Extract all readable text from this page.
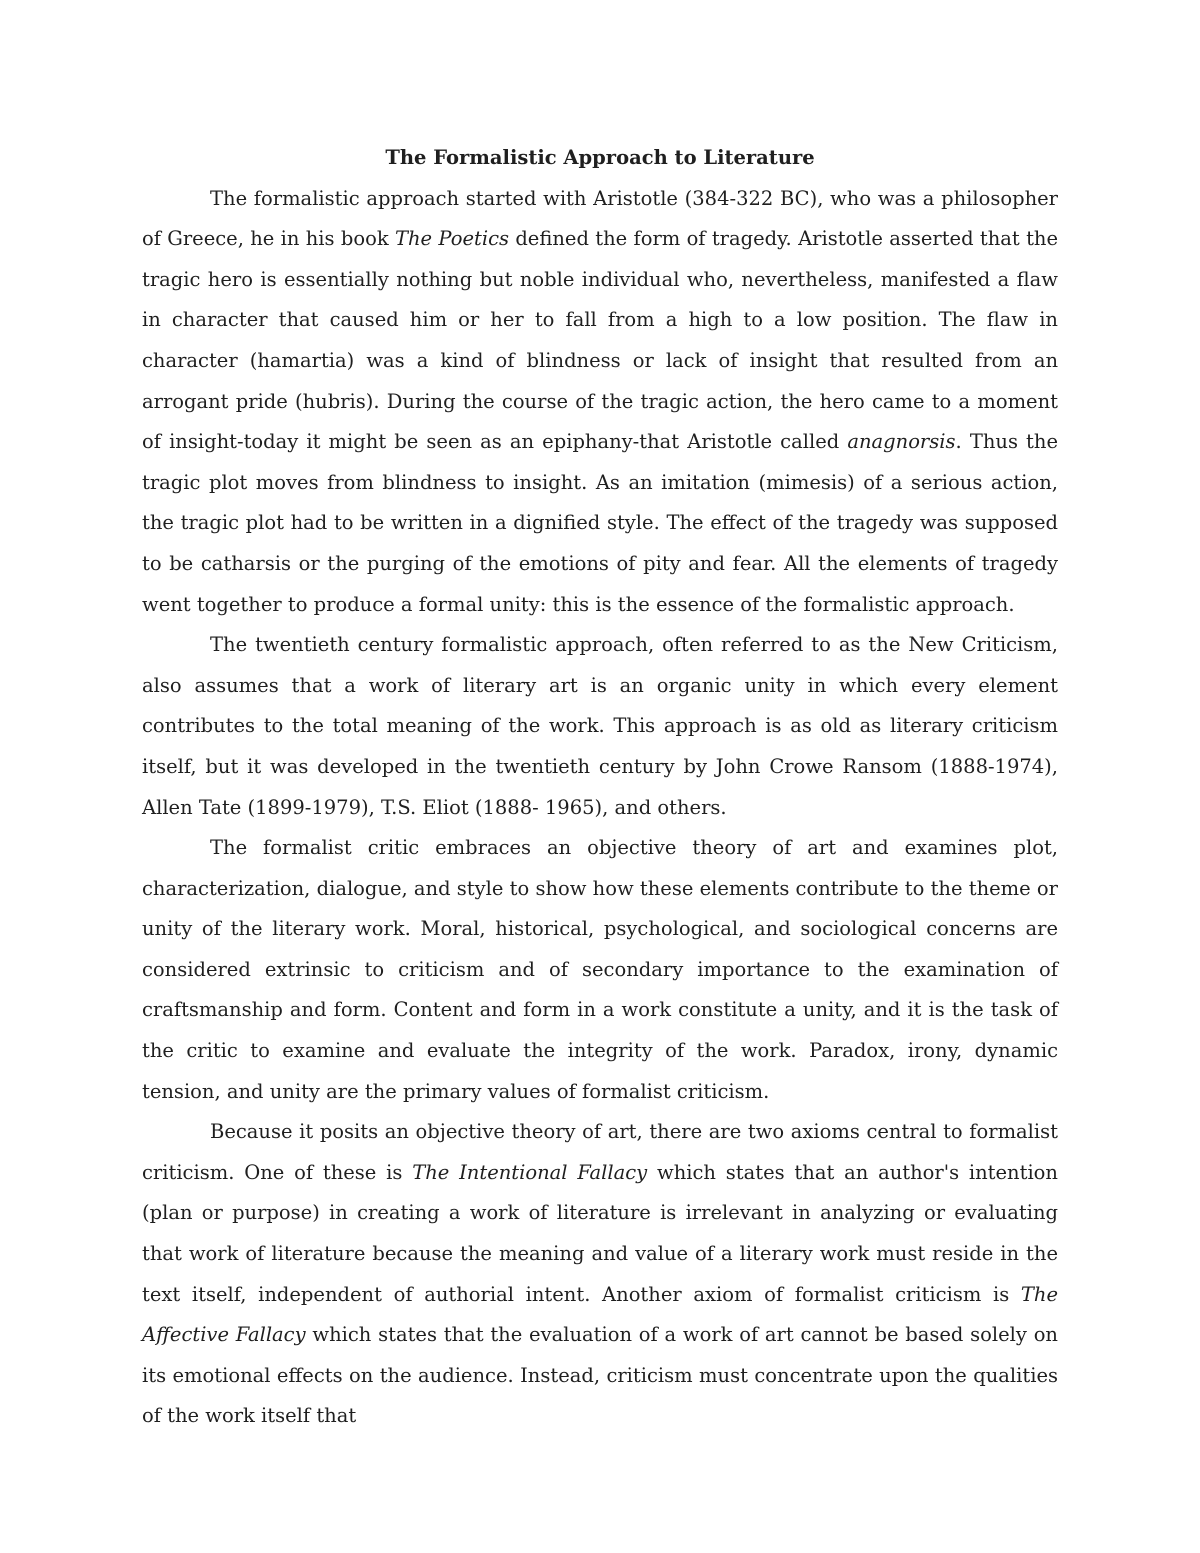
The Formalistic Approach to Literature

The formalistic approach started with Aristotle (384-322 BC), who was a philosopher of Greece, he in his book The Poetics defined the form of tragedy. Aristotle asserted that the tragic hero is essentially nothing but noble individual who, nevertheless, manifested a flaw in character that caused him or her to fall from a high to a low position. The flaw in character (hamartia) was a kind of blindness or lack of insight that resulted from an arrogant pride (hubris). During the course of the tragic action, the hero came to a moment of insight-today it might be seen as an epiphany-that Aristotle called anagnorsis. Thus the tragic plot moves from blindness to insight. As an imitation (mimesis) of a serious action, the tragic plot had to be written in a dignified style. The effect of the tragedy was supposed to be catharsis or the purging of the emotions of pity and fear. All the elements of tragedy went together to produce a formal unity: this is the essence of the formalistic approach.

The twentieth century formalistic approach, often referred to as the New Criticism, also assumes that a work of literary art is an organic unity in which every element contributes to the total meaning of the work. This approach is as old as literary criticism itself, but it was developed in the twentieth century by John Crowe Ransom (1888-1974), Allen Tate (1899-1979), T.S. Eliot (1888- 1965), and others.

The formalist critic embraces an objective theory of art and examines plot, characterization, dialogue, and style to show how these elements contribute to the theme or unity of the literary work. Moral, historical, psychological, and sociological concerns are considered extrinsic to criticism and of secondary importance to the examination of craftsmanship and form. Content and form in a work constitute a unity, and it is the task of the critic to examine and evaluate the integrity of the work. Paradox, irony, dynamic tension, and unity are the primary values of formalist criticism.

Because it posits an objective theory of art, there are two axioms central to formalist criticism. One of these is The Intentional Fallacy which states that an author's intention (plan or purpose) in creating a work of literature is irrelevant in analyzing or evaluating that work of literature because the meaning and value of a literary work must reside in the text itself, independent of authorial intent. Another axiom of formalist criticism is The Affective Fallacy which states that the evaluation of a work of art cannot be based solely on its emotional effects on the audience. Instead, criticism must concentrate upon the qualities of the work itself that
